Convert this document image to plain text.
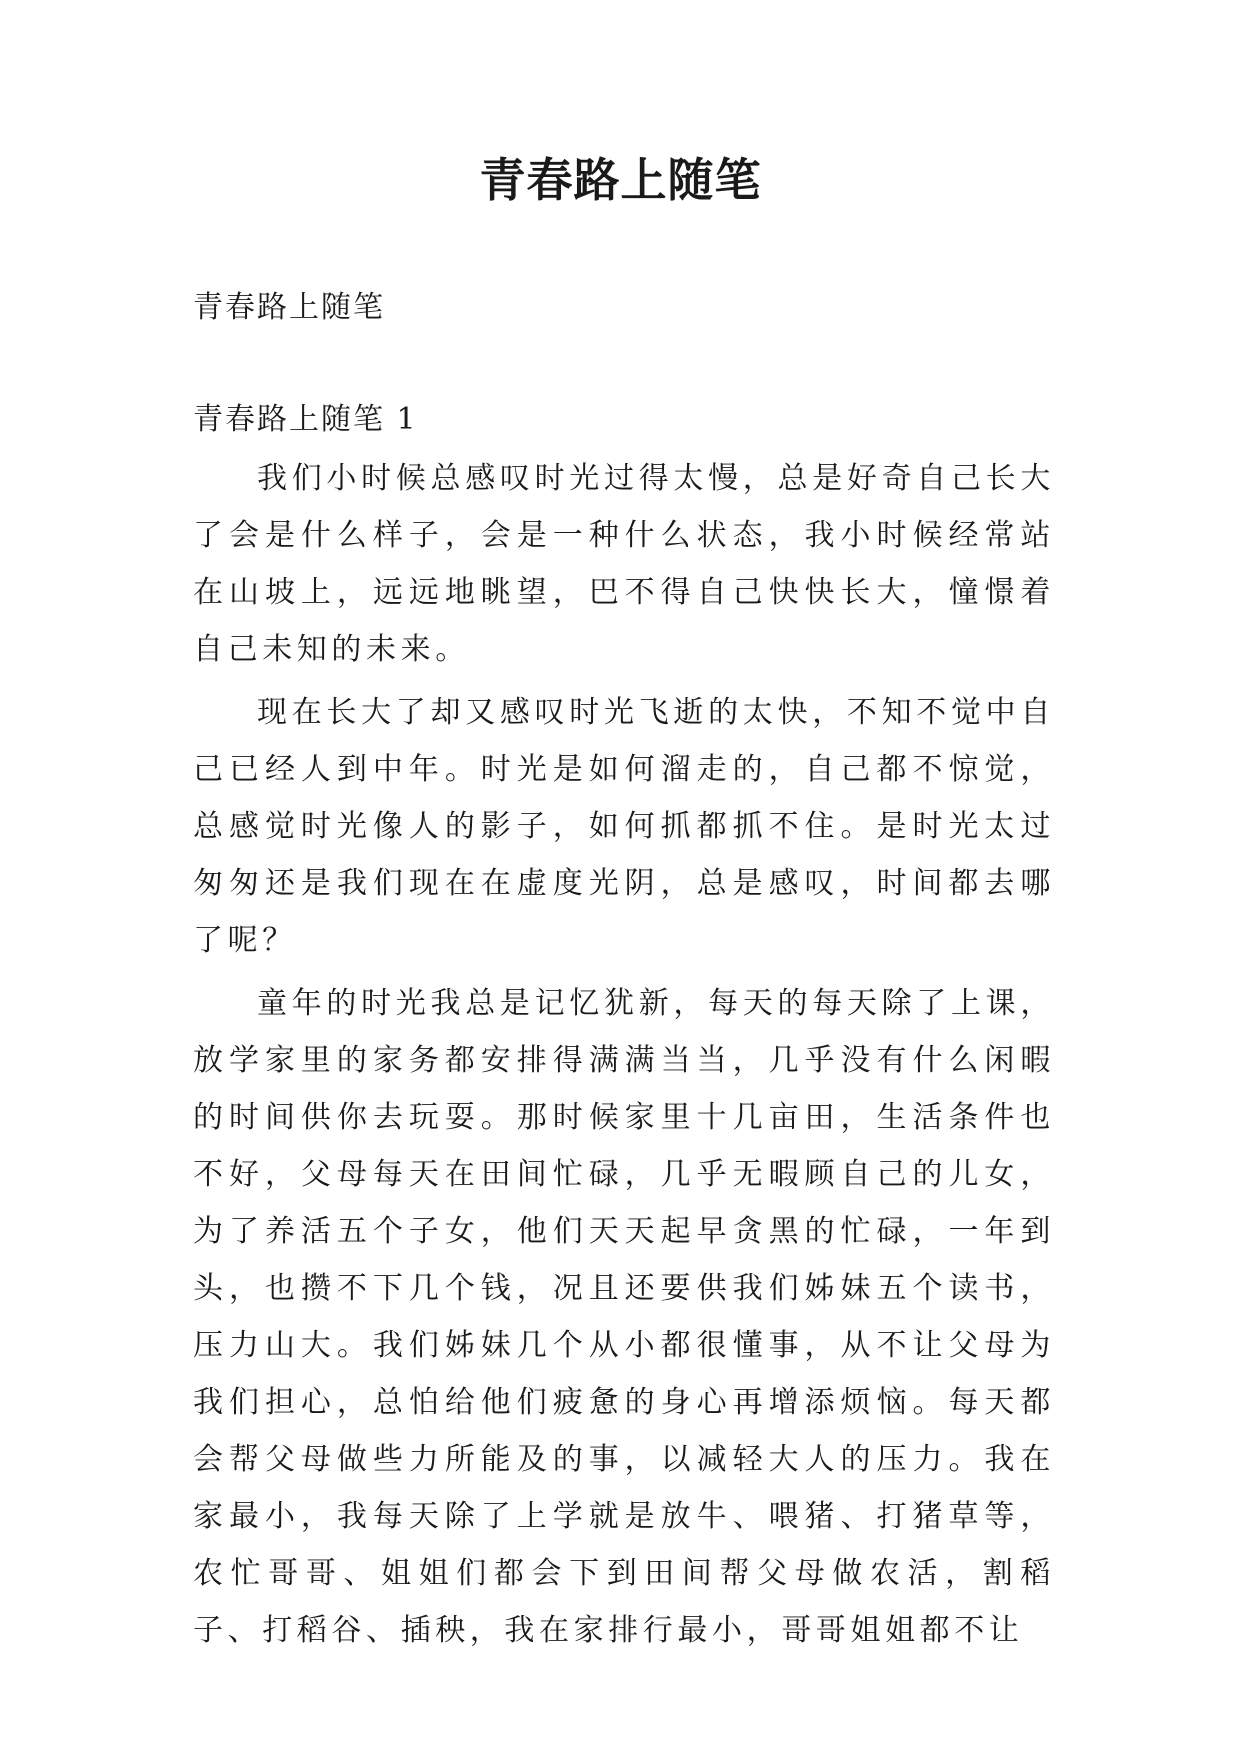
青春路上随笔

青春路上随笔

青春路上随笔 1

我们小时候总感叹时光过得太慢，总是好奇自己长大了会是什么样子，会是一种什么状态，我小时候经常站在山坡上，远远地眺望，巴不得自己快快长大，憧憬着自己未知的未来。

现在长大了却又感叹时光飞逝的太快，不知不觉中自己已经人到中年。时光是如何溜走的，自己都不惊觉，总感觉时光像人的影子，如何抓都抓不住。是时光太过匆匆还是我们现在在虚度光阴，总是感叹，时间都去哪了呢？

童年的时光我总是记忆犹新，每天的每天除了上课，放学家里的家务都安排得满满当当，几乎没有什么闲暇的时间供你去玩耍。那时候家里十几亩田，生活条件也不好，父母每天在田间忙碌，几乎无暇顾自己的儿女，为了养活五个子女，他们天天起早贪黑的忙碌，一年到头，也攒不下几个钱，况且还要供我们姊妹五个读书，压力山大。我们姊妹几个从小都很懂事，从不让父母为我们担心，总怕给他们疲惫的身心再增添烦恼。每天都会帮父母做些力所能及的事，以减轻大人的压力。我在家最小，我每天除了上学就是放牛、喂猪、打猪草等，农忙哥哥、姐姐们都会下到田间帮父母做农活，割稻子、打稻谷、插秧，我在家排行最小，哥哥姐姐都不让
